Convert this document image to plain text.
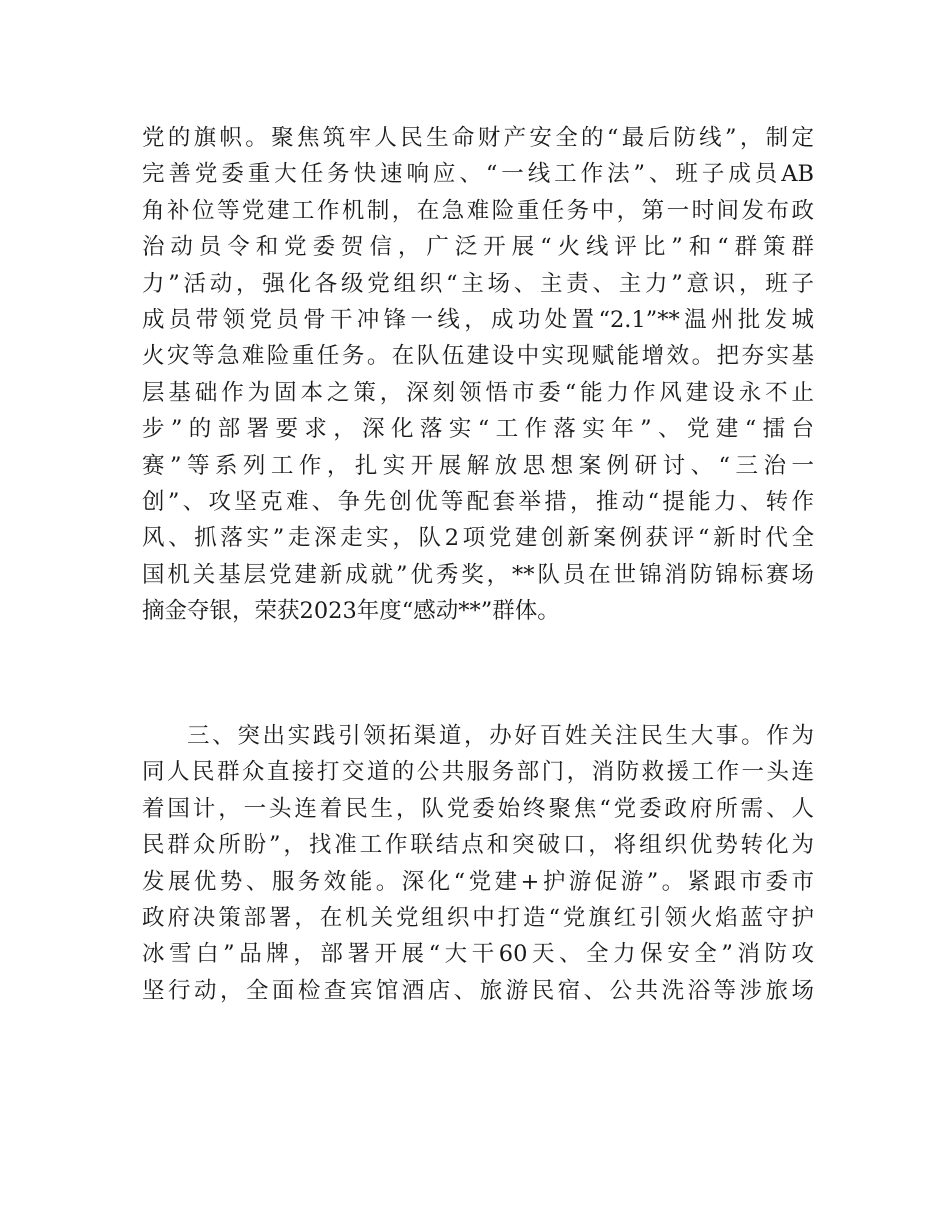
党的旗帜。聚焦筑牢人民生命财产安全的“最后防线”，制定
完善党委重大任务快速响应、“一线工作法”、班子成员AB
角补位等党建工作机制，在急难险重任务中，第一时间发布政
治动员令和党委贺信，广泛开展“火线评比”和“群策群
力”活动，强化各级党组织“主场、主责、主力”意识，班子
成员带领党员骨干冲锋一线，成功处置“2.1”**温州批发城
火灾等急难险重任务。在队伍建设中实现赋能增效。把夯实基
层基础作为固本之策，深刻领悟市委“能力作风建设永不止
步”的部署要求，深化落实“工作落实年”、党建“擂台
赛”等系列工作，扎实开展解放思想案例研讨、“三治一
创”、攻坚克难、争先创优等配套举措，推动“提能力、转作
风、抓落实”走深走实，队2项党建创新案例获评“新时代全
国机关基层党建新成就”优秀奖，**队员在世锦消防锦标赛场
摘金夺银，荣获2023年度“感动**”群体。
三、突出实践引领拓渠道，办好百姓关注民生大事。作为
同人民群众直接打交道的公共服务部门，消防救援工作一头连
着国计，一头连着民生，队党委始终聚焦“党委政府所需、人
民群众所盼”，找准工作联结点和突破口，将组织优势转化为
发展优势、服务效能。深化“党建+护游促游”。紧跟市委市
政府决策部署，在机关党组织中打造“党旗红引领火焰蓝守护
冰雪白”品牌，部署开展“大干60天、全力保安全”消防攻
坚行动，全面检查宾馆酒店、旅游民宿、公共洗浴等涉旅场
